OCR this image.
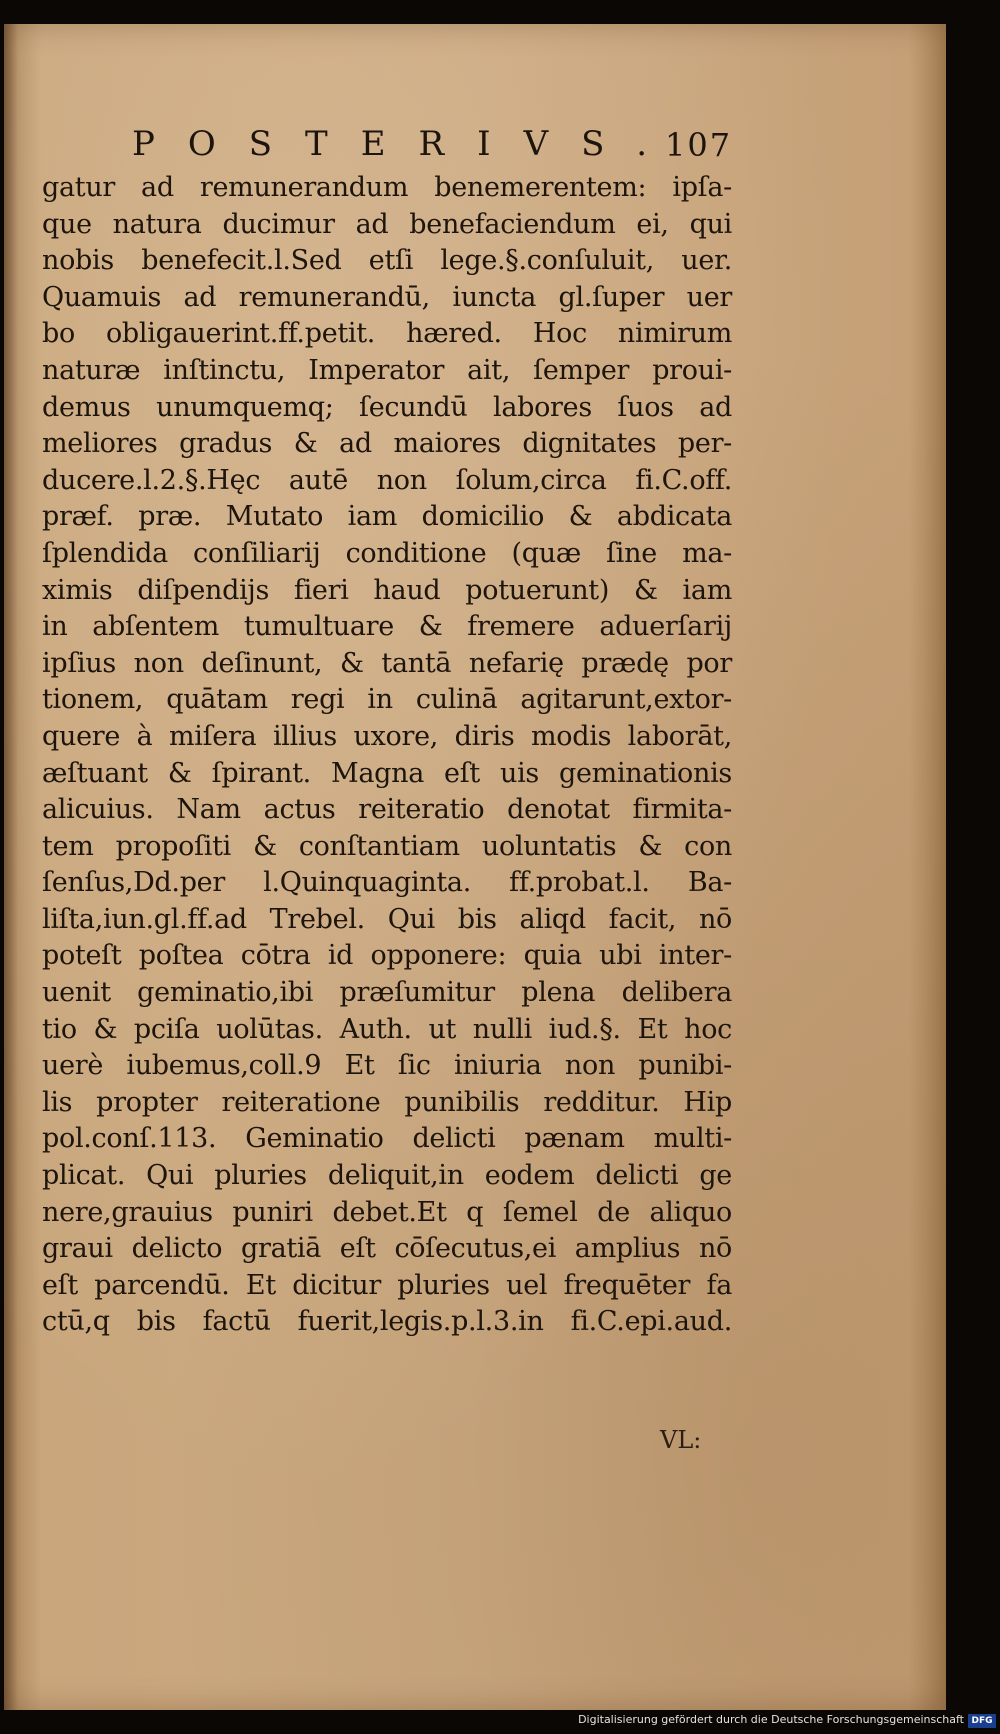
POSTERIVS.
107
gatur ad remunerandum benemerentem: ipſa-
que natura ducimur ad benefaciendum ei, qui
nobis benefecit.l.Sed etſi lege.§.conſuluit, uer.
Quamuis ad remunerandū, iuncta gl.ſuper uer
bo obligauerint.ff.petit. hæred. Hoc nimirum
naturæ inſtinctu, Imperator ait, ſemper proui-
demus unumquemq; ſecundū labores ſuos ad
meliores gradus & ad maiores dignitates per-
ducere.l.2.§.Hęc autē non ſolum,circa fi.C.off.
præf. præ. Mutato iam domicilio & abdicata
ſplendida conſiliarij conditione (quæ ſine ma-
ximis diſpendijs fieri haud potuerunt) & iam
in abſentem tumultuare & fremere aduerſarij
ipſius non deſinunt, & tantā nefarię prædę por
tionem, quātam regi in culinā agitarunt,extor-
quere à miſera illius uxore, diris modis laborāt,
æſtuant & ſpirant. Magna eſt uis geminationis
alicuius. Nam actus reiteratio denotat firmita-
tem propoſiti & conſtantiam uoluntatis & con
ſenſus,Dd.per l.Quinquaginta. ff.probat.l. Ba-
liſta,iun.gl.ff.ad Trebel. Qui bis aliqd facit, nō
poteſt poſtea cōtra id opponere: quia ubi inter-
uenit geminatio,ibi præſumitur plena delibera
tio & pciſa uolūtas. Auth. ut nulli iud.§. Et hoc
uerè iubemus,coll.9 Et ſic iniuria non punibi-
lis propter reiteratione punibilis redditur. Hip
pol.conſ.113. Geminatio delicti pænam multi-
plicat. Qui pluries deliquit,in eodem delicti ge
nere,grauius puniri debet.Et q ſemel de aliquo
graui delicto gratiā eſt cōſecutus,ei amplius nō
eſt parcendū. Et dicitur pluries uel frequēter fa
ctū,q bis factū fuerit,legis.p.l.3.in fi.C.epi.aud.
VL:
Digitalisierung gefördert durch die Deutsche Forschungsgemeinschaft DFG
